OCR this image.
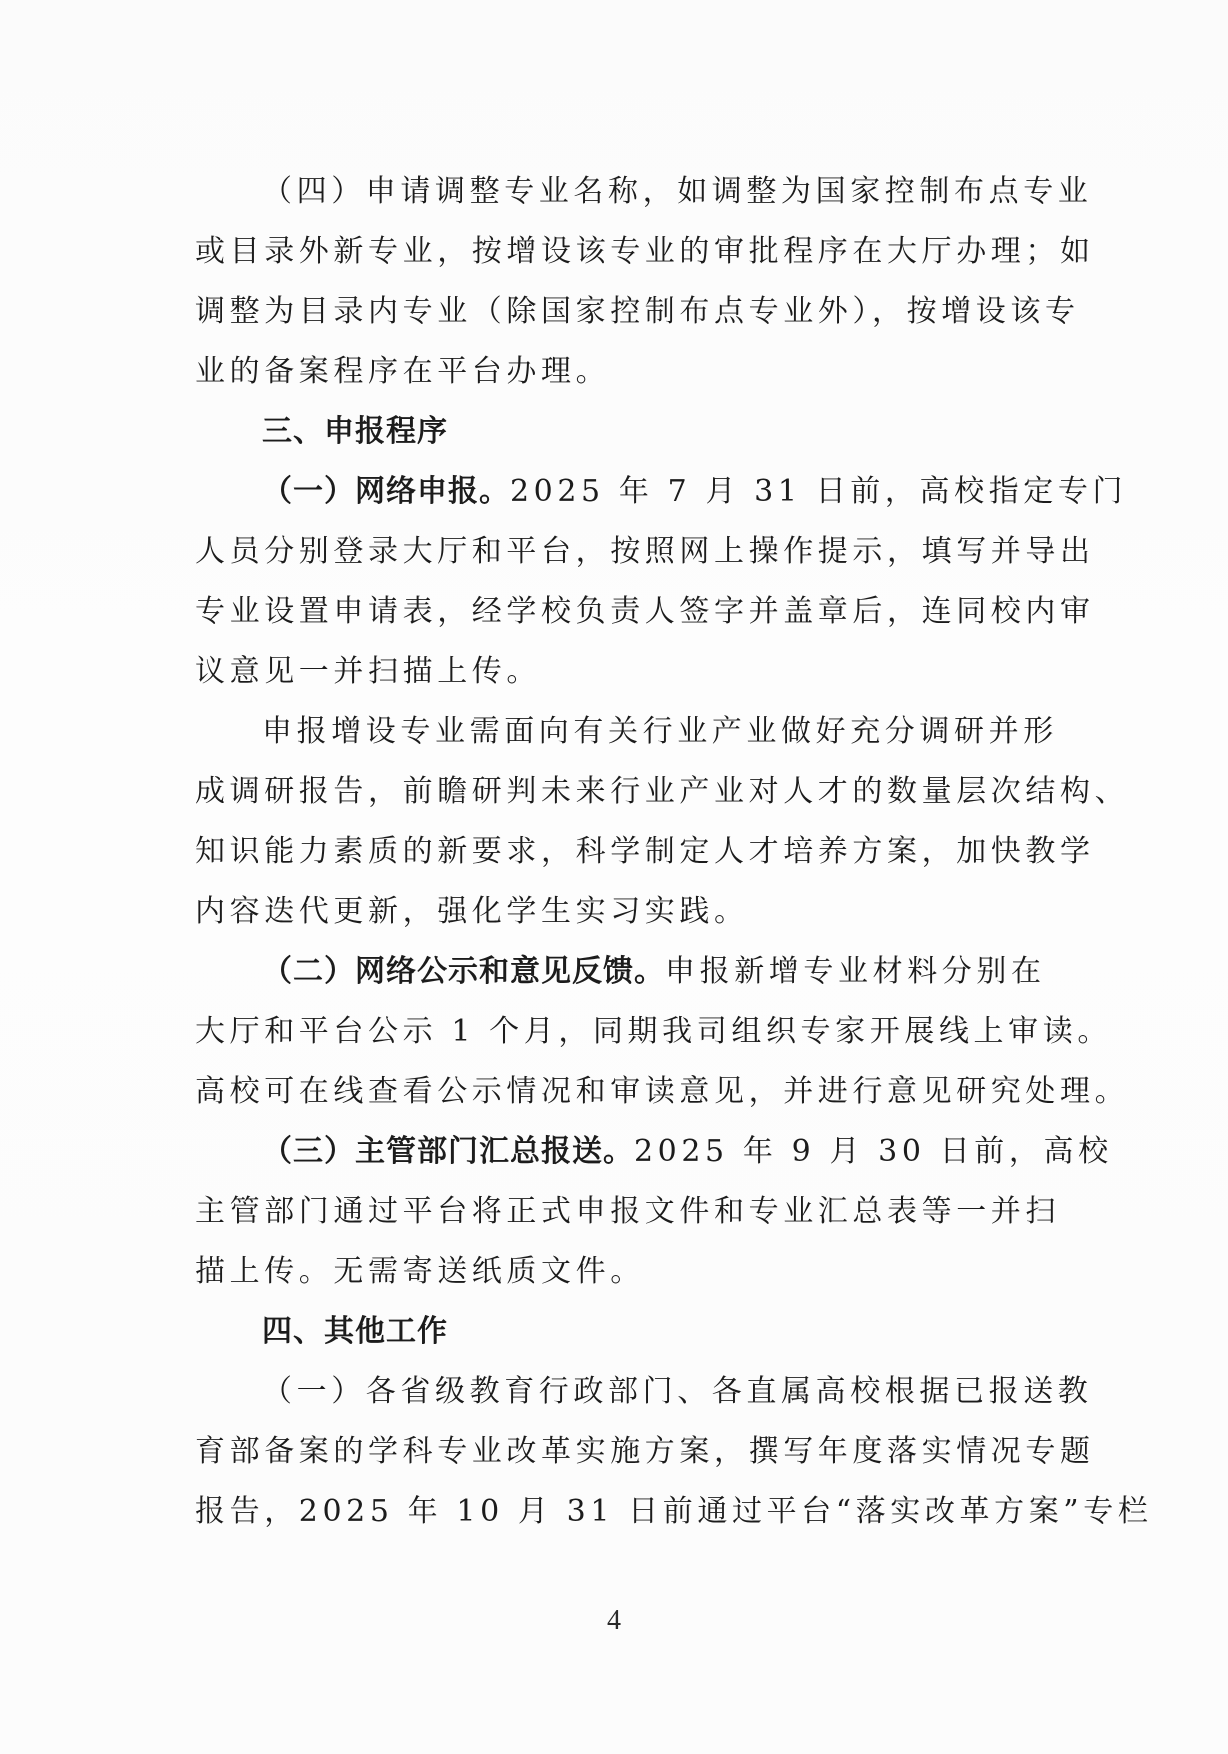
（四）申请调整专业名称，如调整为国家控制布点专业
或目录外新专业，按增设该专业的审批程序在大厅办理；如
调整为目录内专业（除国家控制布点专业外），按增设该专
业的备案程序在平台办理。
三、申报程序
（一）网络申报。2025 年 7 月 31 日前，高校指定专门
人员分别登录大厅和平台，按照网上操作提示，填写并导出
专业设置申请表，经学校负责人签字并盖章后，连同校内审
议意见一并扫描上传。
申报增设专业需面向有关行业产业做好充分调研并形
成调研报告，前瞻研判未来行业产业对人才的数量层次结构、
知识能力素质的新要求，科学制定人才培养方案，加快教学
内容迭代更新，强化学生实习实践。
（二）网络公示和意见反馈。申报新增专业材料分别在
大厅和平台公示 1 个月，同期我司组织专家开展线上审读。
高校可在线查看公示情况和审读意见，并进行意见研究处理。
（三）主管部门汇总报送。2025 年 9 月 30 日前，高校
主管部门通过平台将正式申报文件和专业汇总表等一并扫
描上传。无需寄送纸质文件。
四、其他工作
（一）各省级教育行政部门、各直属高校根据已报送教
育部备案的学科专业改革实施方案，撰写年度落实情况专题
报告，2025 年 10 月 31 日前通过平台“落实改革方案”专栏
4
